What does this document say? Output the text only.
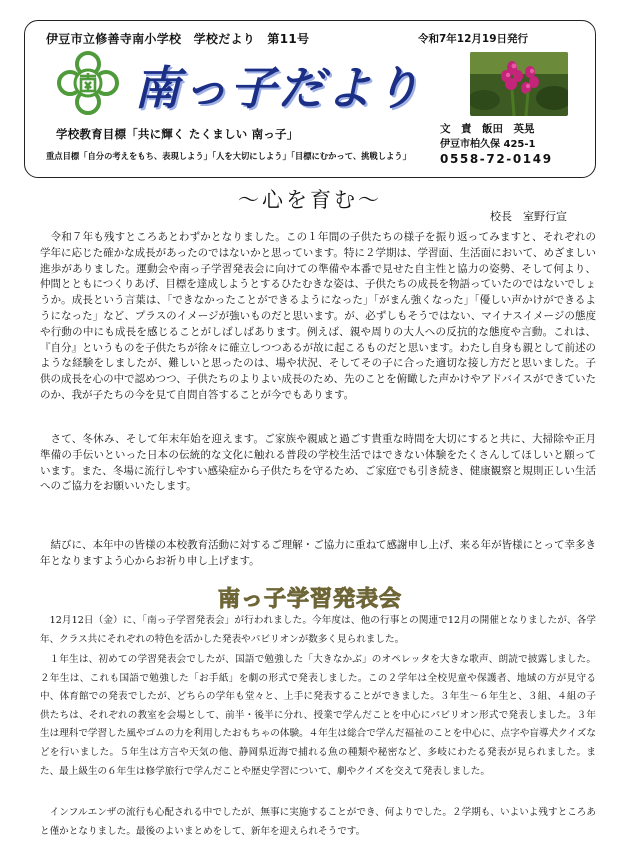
伊豆市立修善寺南小学校　学校だより　第11号	令和7年12月19日発行
南っ子だより
学校教育目標「共に輝く たくましい 南っ子」
重点目標「自分の考えをもち、表現しよう」「人を大切にしよう」「目標にむかって、挑戦しよう」
文　責　飯田　英晃
伊豆市柏久保 425-1
0558-72-0149
〜心を育む〜
校長　室野行宣

令和７年も残すところあとわずかとなりました。この１年間の子供たちの様子を振り返ってみますと、それぞれの学年に応じた確かな成長があったのではないかと思っています。特に２学期は、学習面、生活面において、めざましい進歩がありました。運動会や南っ子学習発表会に向けての準備や本番で見せた自主性と協力の姿勢、そして何より、仲間とともにつくりあげ、目標を達成しようとするひたむきな姿は、子供たちの成長を物語っていたのではないでしょうか。成長という言葉は、「できなかったことができるようになった」「がまん強くなった」「優しい声かけができるようになった」など、プラスのイメージが強いものだと思います。が、必ずしもそうではない、マイナスイメージの態度や行動の中にも成長を感じることがしばしばあります。例えば、親や周りの大人への反抗的な態度や言動。これは、『自分』というものを子供たちが徐々に確立しつつあるが故に起こるものだと思います。わたし自身も親として前述のような経験をしましたが、難しいと思ったのは、場や状況、そしてその子に合った適切な接し方だと思いました。子供の成長を心の中で認めつつ、子供たちのよりよい成長のため、先のことを俯瞰した声かけやアドバイスができていたのか、我が子たちの今を見て自問自答することが今でもあります。

さて、冬休み、そして年末年始を迎えます。ご家族や親戚と過ごす貴重な時間を大切にすると共に、大掃除や正月準備の手伝いといった日本の伝統的な文化に触れる普段の学校生活ではできない体験をたくさんしてほしいと願っています。また、冬場に流行しやすい感染症から子供たちを守るため、ご家庭でも引き続き、健康観察と規則正しい生活へのご協力をお願いいたします。

結びに、本年中の皆様の本校教育活動に対するご理解・ご協力に重ねて感謝申し上げ、来る年が皆様にとって幸多き年となりますよう心からお祈り申し上げます。

南っ子学習発表会

12月12日（金）に、「南っ子学習発表会」が行われました。今年度は、他の行事との関連で12月の開催となりましたが、各学年、クラス共にそれぞれの特色を活かした発表やパビリオンが数多く見られました。

１年生は、初めての学習発表会でしたが、国語で勉強した「大きなかぶ」のオペレッタを大きな歌声、朗読で披露しました。２年生は、これも国語で勉強した「お手紙」を劇の形式で発表しました。この２学年は全校児童や保護者、地域の方が見守る中、体育館での発表でしたが、どちらの学年も堂々と、上手に発表することができました。３年生～６年生と、３組、４組の子供たちは、それぞれの教室を会場として、前半・後半に分れ、授業で学んだことを中心にパビリオン形式で発表しました。３年生は理科で学習した風やゴムの力を利用したおもちゃの体験。４年生は総合で学んだ福祉のことを中心に、点字や盲導犬クイズなどを行いました。５年生は方言や天気の他、静岡県近海で捕れる魚の種類や秘密など、多岐にわたる発表が見られました。また、最上級生の６年生は修学旅行で学んだことや歴史学習について、劇やクイズを交えて発表しました。

インフルエンザの流行も心配される中でしたが、無事に実施することができ、何よりでした。２学期も、いよいよ残すところあと僅かとなりました。最後のよいまとめをして、新年を迎えられそうです。
